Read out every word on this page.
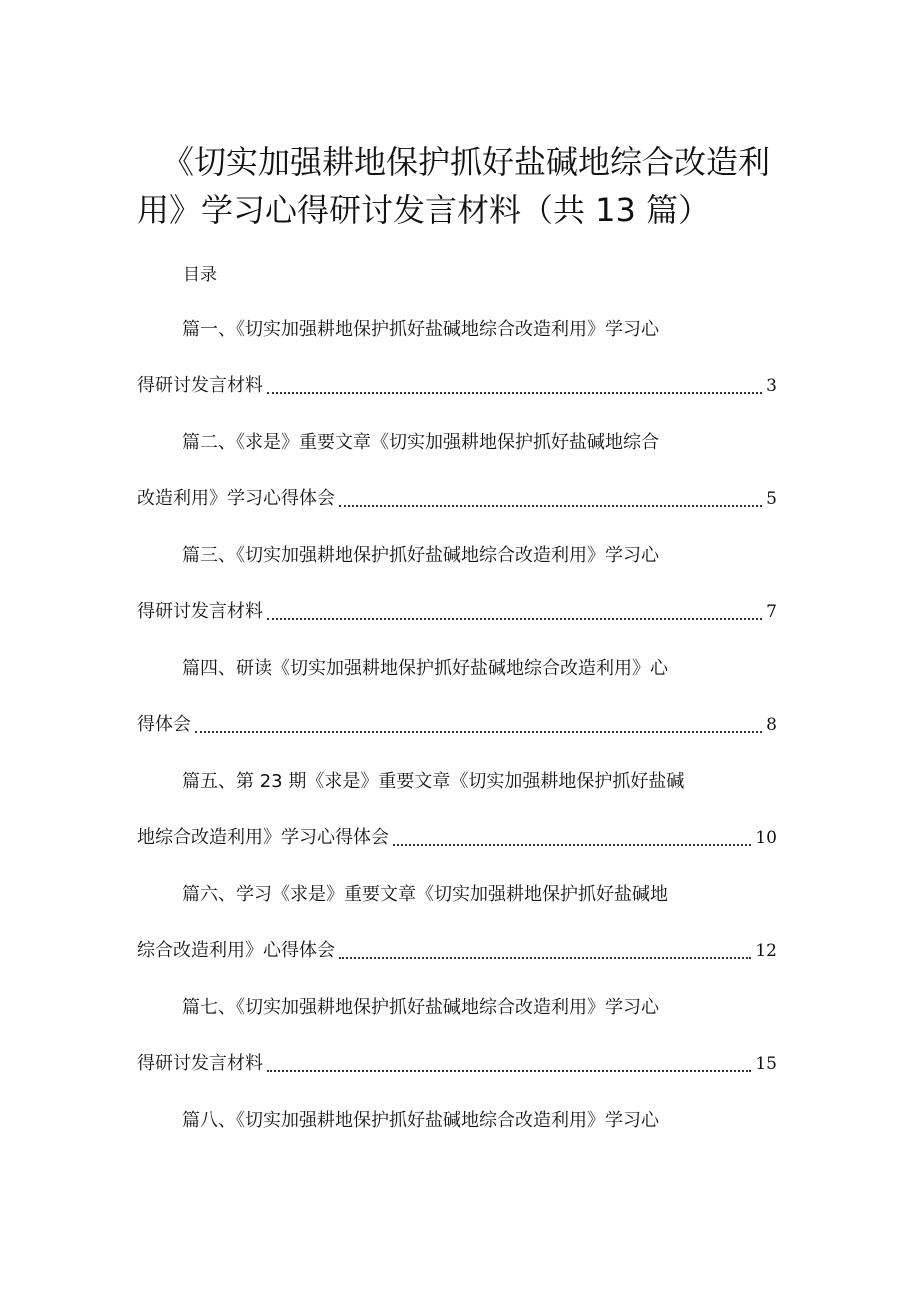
《切实加强耕地保护抓好盐碱地综合改造利用》学习心得研讨发言材料（共 13 篇）

目录

篇一、《切实加强耕地保护抓好盐碱地综合改造利用》学习心
得研讨发言材料	3
篇二、《求是》重要文章《切实加强耕地保护抓好盐碱地综合
改造利用》学习心得体会	5
篇三、《切实加强耕地保护抓好盐碱地综合改造利用》学习心
得研讨发言材料	7
篇四、研读《切实加强耕地保护抓好盐碱地综合改造利用》心
得体会	8
篇五、第 23 期《求是》重要文章《切实加强耕地保护抓好盐碱
地综合改造利用》学习心得体会	10
篇六、学习《求是》重要文章《切实加强耕地保护抓好盐碱地
综合改造利用》心得体会	12
篇七、《切实加强耕地保护抓好盐碱地综合改造利用》学习心
得研讨发言材料	15
篇八、《切实加强耕地保护抓好盐碱地综合改造利用》学习心
